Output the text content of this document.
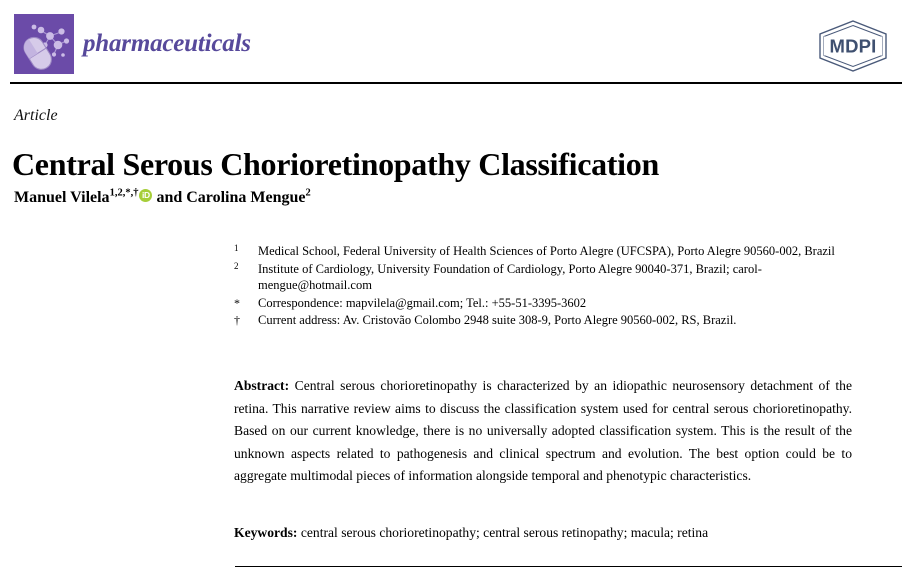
pharmaceuticals	MDPI
Article
Central Serous Chorioretinopathy Classification
Manuel Vilela$^{1,2,*,\dagger}$ iD and Carolina Mengue$^2$
1	Medical School, Federal University of Health Sciences of Porto Alegre (UFCSPA), Porto Alegre 90560-002, Brazil
2	Institute of Cardiology, University Foundation of Cardiology, Porto Alegre 90040-371, Brazil; carol-mengue@hotmail.com
*	Correspondence: mapvilela@gmail.com; Tel.: +55-51-3395-3602
†	Current address: Av. Cristovão Colombo 2948 suite 308-9, Porto Alegre 90560-002, RS, Brazil.
Abstract: Central serous chorioretinopathy is characterized by an idiopathic neurosensory detachment of the retina. This narrative review aims to discuss the classification system used for central serous chorioretinopathy. Based on our current knowledge, there is no universally adopted classification system. This is the result of the unknown aspects related to pathogenesis and clinical spectrum and evolution. The best option could be to aggregate multimodal pieces of information alongside temporal and phenotypic characteristics.
Keywords: central serous chorioretinopathy; central serous retinopathy; macula; retina
